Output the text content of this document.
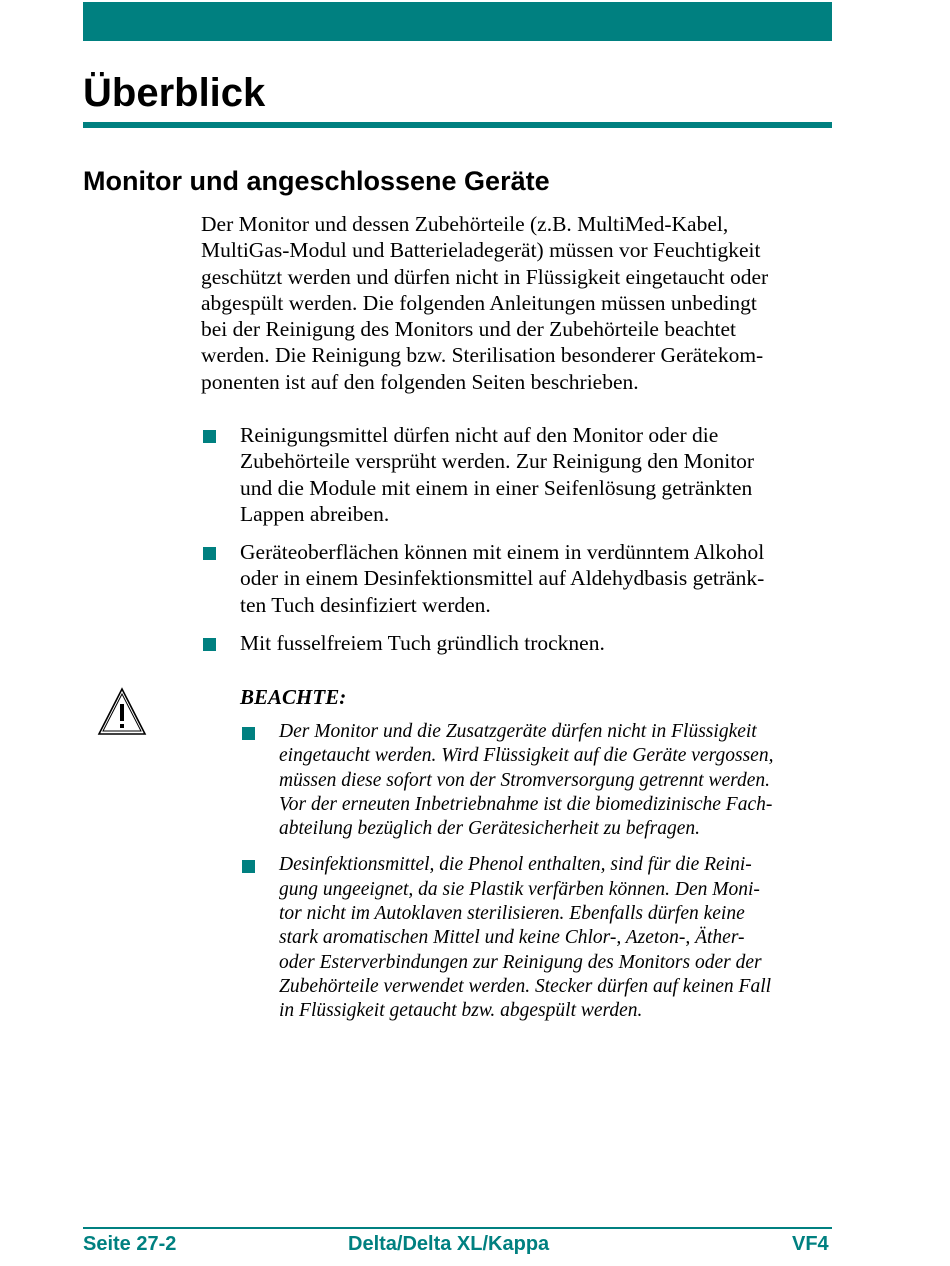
Überblick
Monitor und angeschlossene Geräte

Der Monitor und dessen Zubehörteile (z.B. MultiMed-Kabel,
MultiGas-Modul und Batterieladegerät) müssen vor Feuchtigkeit
geschützt werden und dürfen nicht in Flüssigkeit eingetaucht oder
abgespült werden. Die folgenden Anleitungen müssen unbedingt
bei der Reinigung des Monitors und der Zubehörteile beachtet
werden. Die Reinigung bzw. Sterilisation besonderer Gerätekom-
ponenten ist auf den folgenden Seiten beschrieben.

Reinigungsmittel dürfen nicht auf den Monitor oder die
Zubehörteile versprüht werden. Zur Reinigung den Monitor
und die Module mit einem in einer Seifenlösung getränkten
Lappen abreiben.
Geräteoberflächen können mit einem in verdünntem Alkohol
oder in einem Desinfektionsmittel auf Aldehydbasis getränk-
ten Tuch desinfiziert werden.
Mit fusselfreiem Tuch gründlich trocknen.

BEACHTE:

Der Monitor und die Zusatzgeräte dürfen nicht in Flüssigkeit
eingetaucht werden. Wird Flüssigkeit auf die Geräte vergossen,
müssen diese sofort von der Stromversorgung getrennt werden.
Vor der erneuten Inbetriebnahme ist die biomedizinische Fach-
abteilung bezüglich der Gerätesicherheit zu befragen.
Desinfektionsmittel, die Phenol enthalten, sind für die Reini-
gung ungeeignet, da sie Plastik verfärben können. Den Moni-
tor nicht im Autoklaven sterilisieren. Ebenfalls dürfen keine
stark aromatischen Mittel und keine Chlor-, Azeton-, Äther-
oder Esterverbindungen zur Reinigung des Monitors oder der
Zubehörteile verwendet werden. Stecker dürfen auf keinen Fall
in Flüssigkeit getaucht bzw. abgespült werden.

Seite 27-2	Delta/Delta XL/Kappa	VF4
